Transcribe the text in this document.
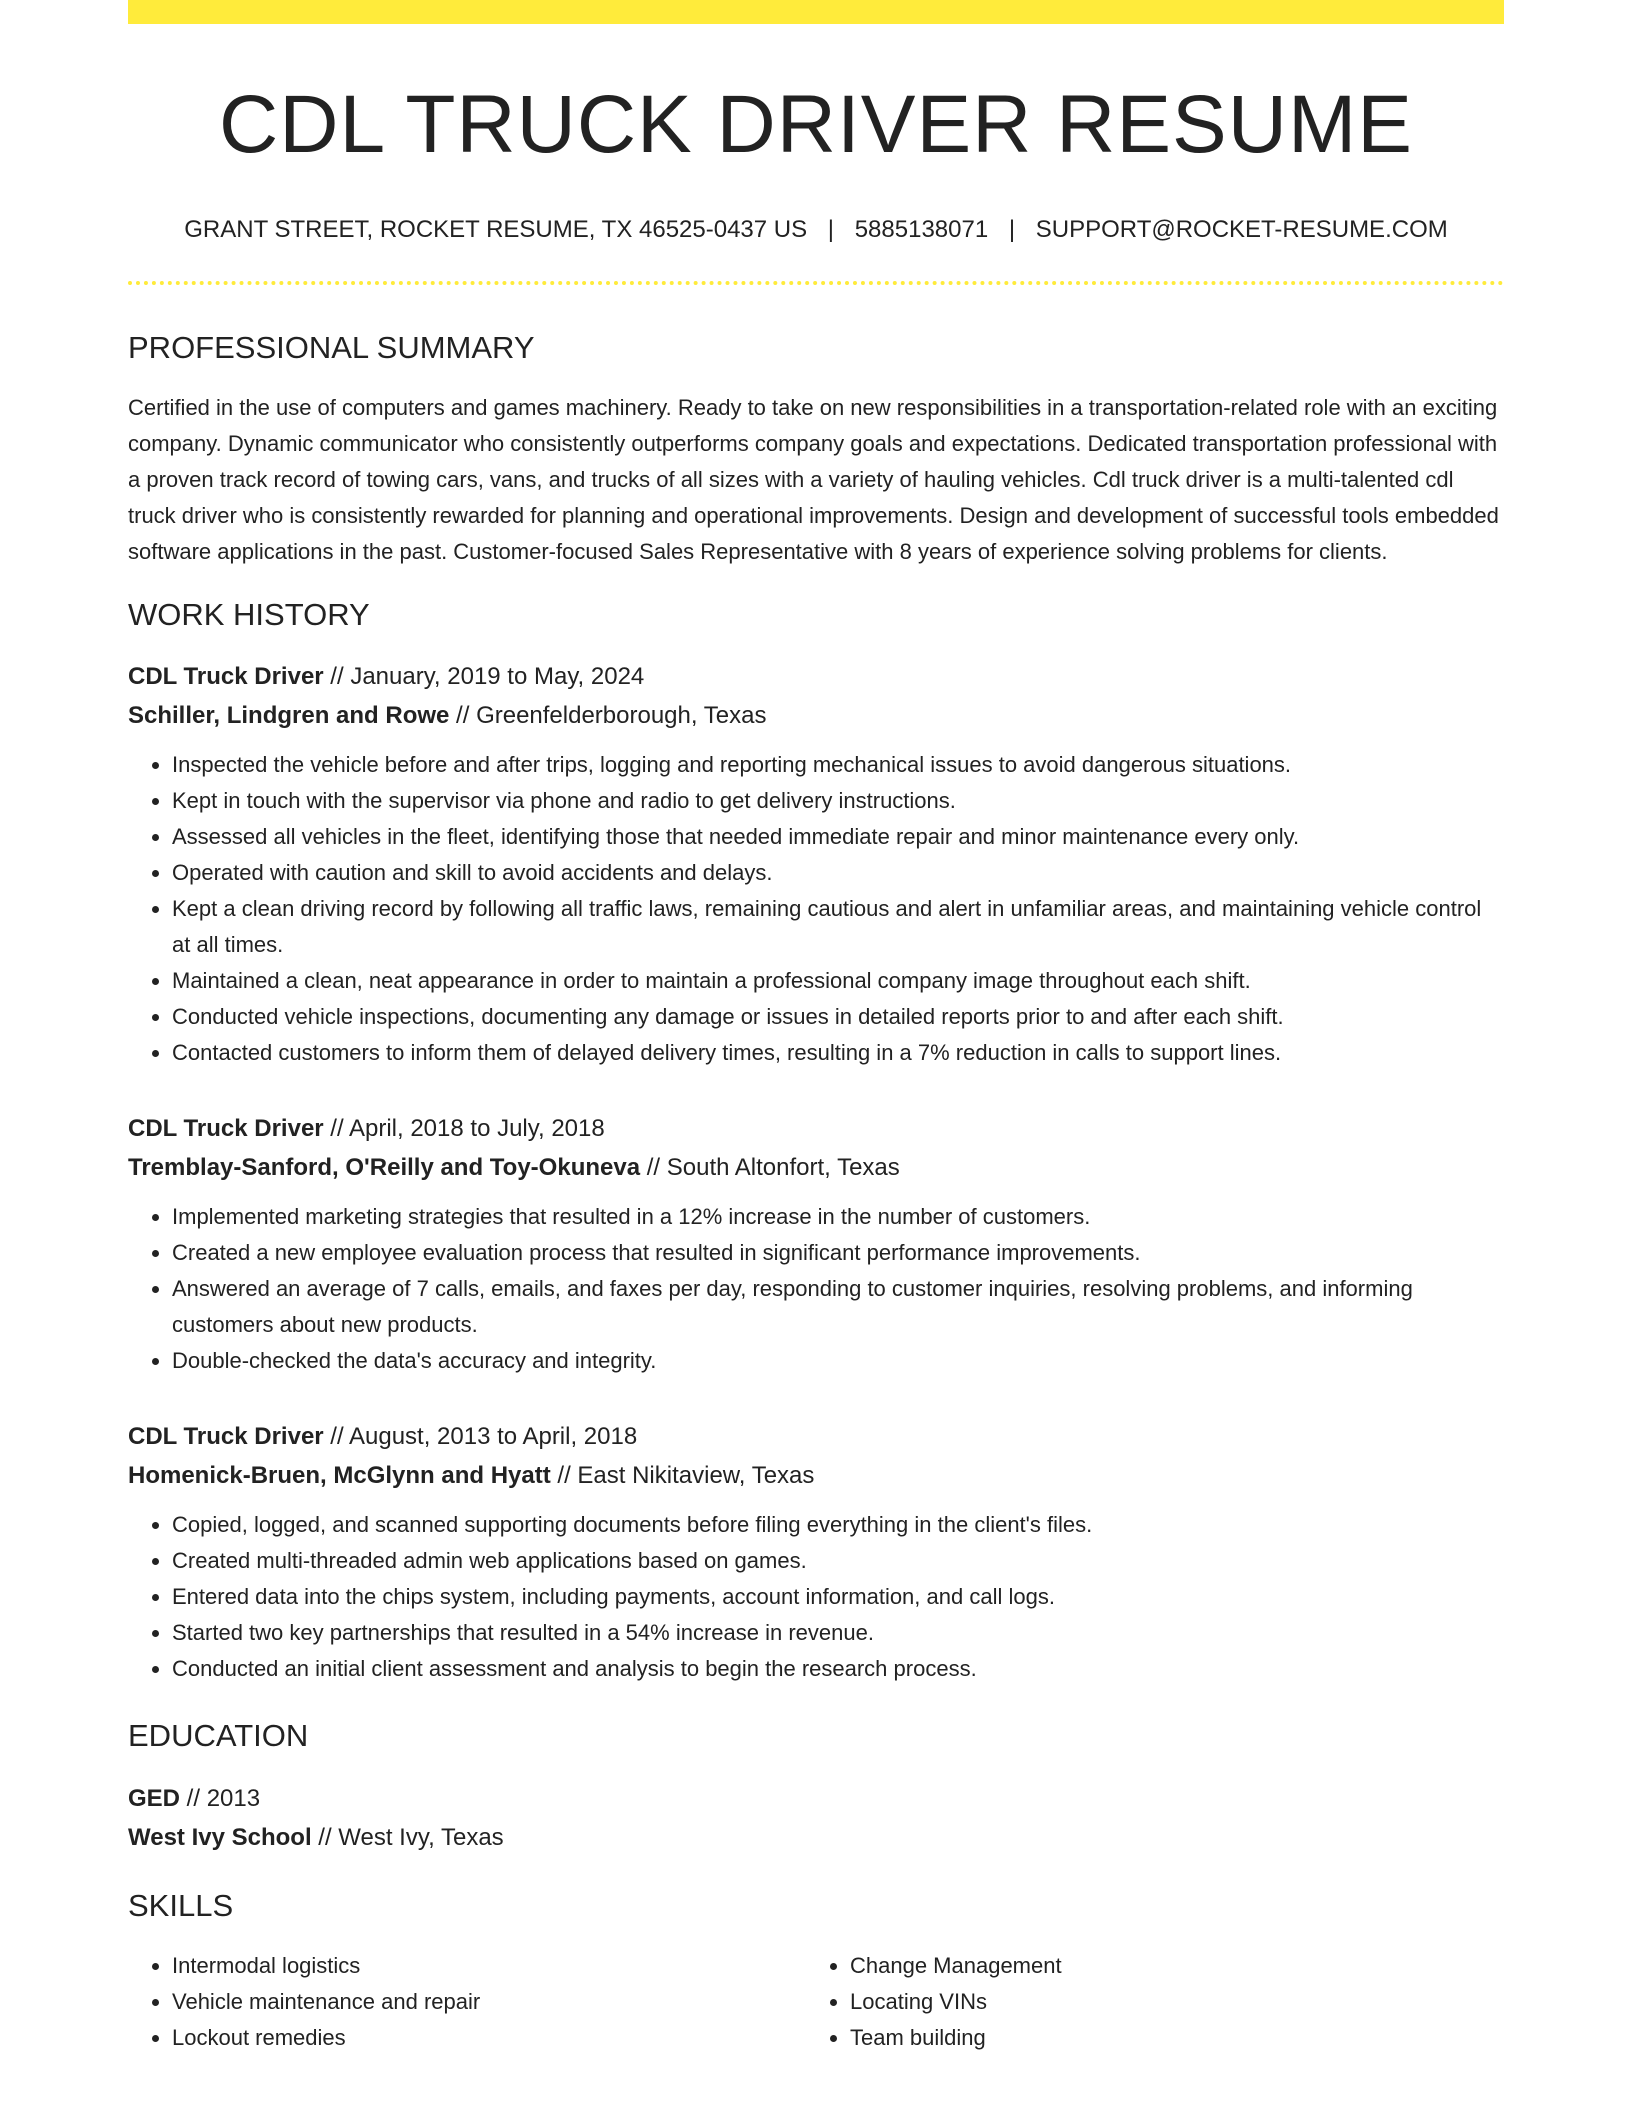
CDL TRUCK DRIVER RESUME
GRANT STREET, ROCKET RESUME, TX 46525-0437 US | 5885138071 | SUPPORT@ROCKET-RESUME.COM
PROFESSIONAL SUMMARY

Certified in the use of computers and games machinery. Ready to take on new responsibilities in a transportation-related role with an exciting company. Dynamic communicator who consistently outperforms company goals and expectations. Dedicated transportation professional with a proven track record of towing cars, vans, and trucks of all sizes with a variety of hauling vehicles. Cdl truck driver is a multi-talented cdl truck driver who is consistently rewarded for planning and operational improvements. Design and development of successful tools embedded software applications in the past. Customer-focused Sales Representative with 8 years of experience solving problems for clients.

WORK HISTORY
CDL Truck Driver // January, 2019 to May, 2024
Schiller, Lindgren and Rowe // Greenfelderborough, Texas
• Inspected the vehicle before and after trips, logging and reporting mechanical issues to avoid dangerous situations.
• Kept in touch with the supervisor via phone and radio to get delivery instructions.
• Assessed all vehicles in the fleet, identifying those that needed immediate repair and minor maintenance every only.
• Operated with caution and skill to avoid accidents and delays.
• Kept a clean driving record by following all traffic laws, remaining cautious and alert in unfamiliar areas, and maintaining vehicle control at all times.
• Maintained a clean, neat appearance in order to maintain a professional company image throughout each shift.
• Conducted vehicle inspections, documenting any damage or issues in detailed reports prior to and after each shift.
• Contacted customers to inform them of delayed delivery times, resulting in a 7% reduction in calls to support lines.
CDL Truck Driver // April, 2018 to July, 2018
Tremblay-Sanford, O'Reilly and Toy-Okuneva // South Altonfort, Texas
• Implemented marketing strategies that resulted in a 12% increase in the number of customers.
• Created a new employee evaluation process that resulted in significant performance improvements.
• Answered an average of 7 calls, emails, and faxes per day, responding to customer inquiries, resolving problems, and informing customers about new products.
• Double-checked the data's accuracy and integrity.
CDL Truck Driver // August, 2013 to April, 2018
Homenick-Bruen, McGlynn and Hyatt // East Nikitaview, Texas
• Copied, logged, and scanned supporting documents before filing everything in the client's files.
• Created multi-threaded admin web applications based on games.
• Entered data into the chips system, including payments, account information, and call logs.
• Started two key partnerships that resulted in a 54% increase in revenue.
• Conducted an initial client assessment and analysis to begin the research process.
EDUCATION
GED // 2013
West Ivy School // West Ivy, Texas
SKILLS
• Intermodal logistics
• Vehicle maintenance and repair
• Lockout remedies
• Change Management
• Locating VINs
• Team building
